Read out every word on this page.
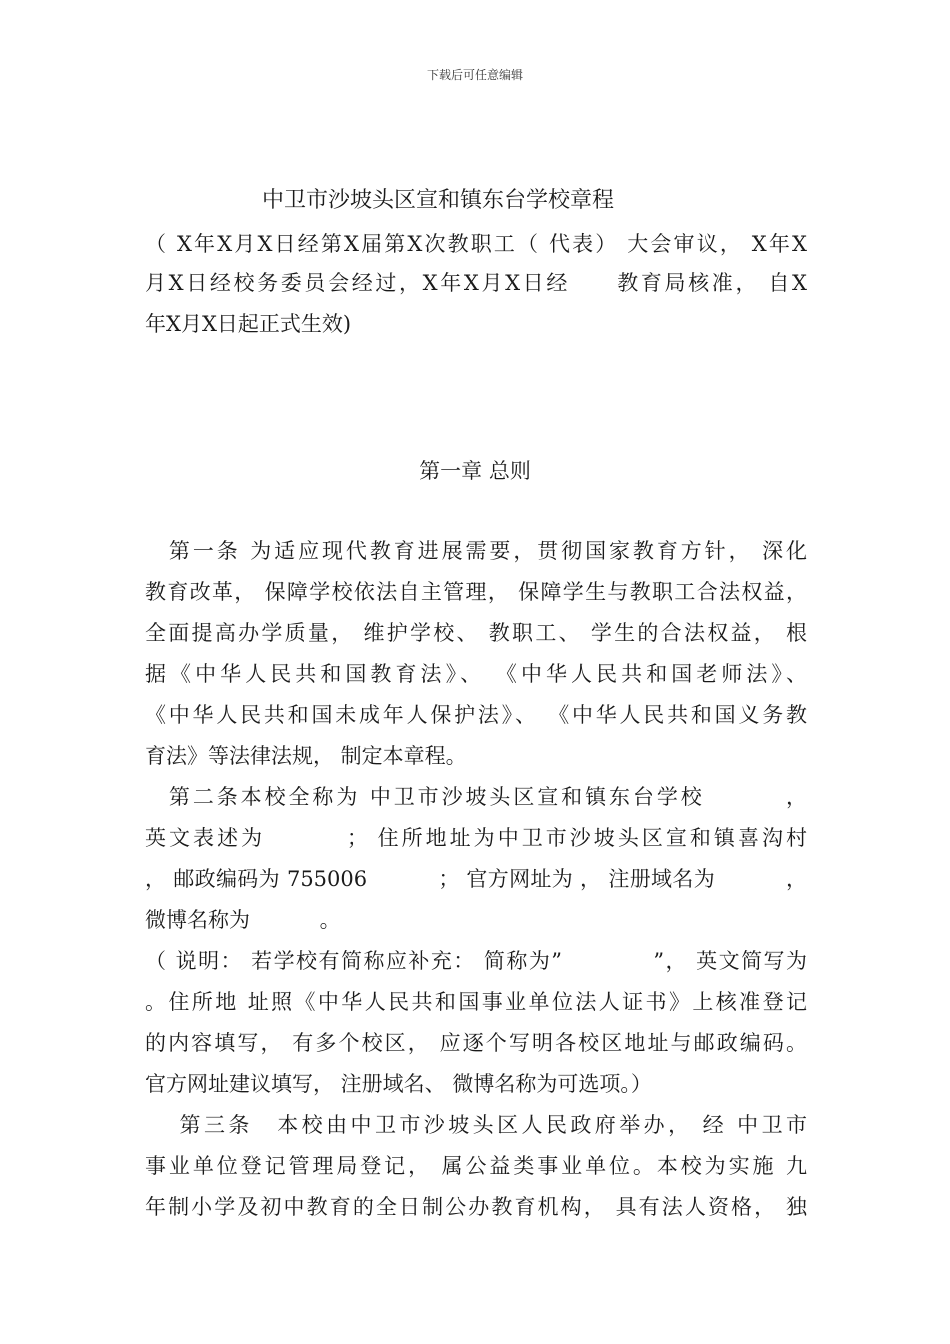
下载后可任意编辑
中卫市沙坡头区宣和镇东台学校章程
（ X年X月X日经第X届第X次教职工（ 代表） 大会审议， X年X
月X日经校务委员会经过，X年X月X日经　　教育局核准， 自X
年X月X日起正式生效)
第一章 总则
　第一条 为适应现代教育进展需要，贯彻国家教育方针， 深化
教育改革， 保障学校依法自主管理， 保障学生与教职工合法权益，
全面提高办学质量， 维护学校、 教职工、 学生的合法权益， 根
据《中华人民共和国教育法》、 《中华人民共和国老师法》、
《中华人民共和国未成年人保护法》、 《中华人民共和国义务教
育法》等法律法规， 制定本章程。
　第二条本校全称为 中卫市沙坡头区宣和镇东台学校　　　 ，
英文表述为　　　 ； 住所地址为中卫市沙坡头区宣和镇喜沟村
， 邮政编码为 755006　　　 ； 官方网址为 ， 注册域名为　　　 ，
微博名称为　　　 。
（ 说明： 若学校有简称应补充： 简称为”　　　　”， 英文简写为
。住所地 址照《中华人民共和国事业单位法人证书》上核准登记
的内容填写， 有多个校区， 应逐个写明各校区地址与邮政编码。
官方网址建议填写， 注册域名、 微博名称为可选项。）
　 第三条　本校由中卫市沙坡头区人民政府举办， 经 中卫市
事业单位登记管理局登记， 属公益类事业单位。本校为实施 九
年制小学及初中教育的全日制公办教育机构， 具有法人资格， 独
